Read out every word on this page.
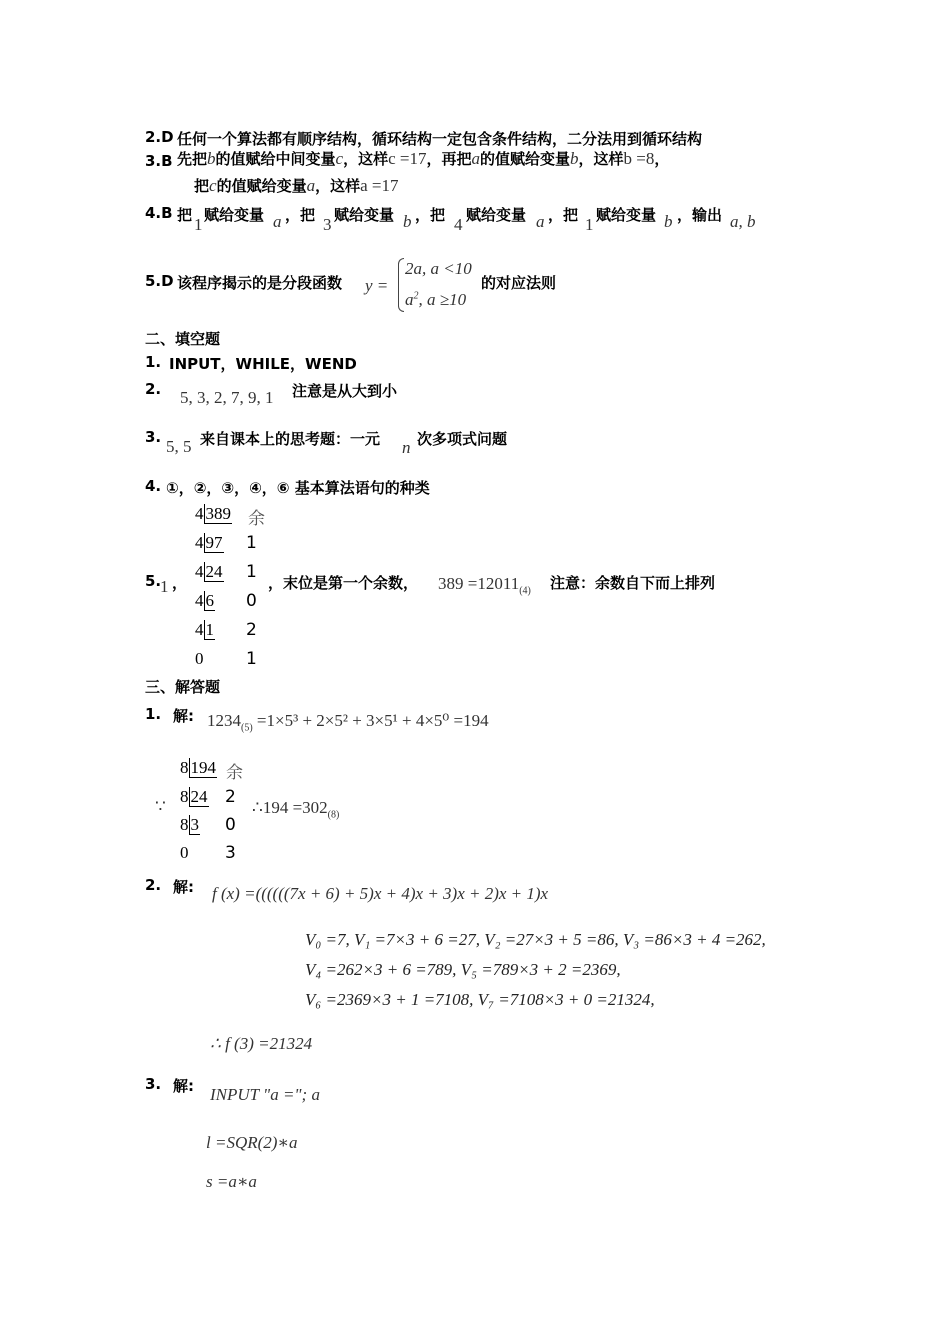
2.D 任何一个算法都有顺序结构，循环结构一定包含条件结构，二分法用到循环结构
3.B 先把b的值赋给中间变量c，这样c =17，再把a的值赋给变量b，这样b =8，
把c的值赋给变量a，这样a =17
4.B 把 1 赋给变量 a ，把 3 赋给变量 b ，把 4 赋给变量 a ，把 1 赋给变量 b ，输出 a, b
5.D 该程序揭示的是分段函数 y =
2a, a <10
$a^2$, a ≥10
的对应法则
二、填空题
1. INPUT，WHILE，WEND
2. 5, 3, 2, 7, 9, 1 注意是从大到小
3. 5, 5 来自课本上的思考题：一元 n 次多项式问题
4. ①，②，③，④，⑥ 基本算法语句的种类
5.
1 ，
4 389 余
4 97 1
4 24 1
4 6 0
4 1 2
0	1
，末位是第一个余数， $389 =12011_{(4)}$ 注意：余数自下而上排列
三、解答题
1. 解: $1234_{(5)} =1\times 5^3 + 2\times 5^2 + 3\times 5^1 + 4\times 5^0 =194$
∵
8 194 余
8 24 2
8 3 0
0 3
∴194 $=302_{(8)}$
2. 解: f (x) =((((((7x + 6) + 5)x + 4)x + 3)x + 2)x + 1)x
V₀ =7, V₁ =7×3 + 6 =27, V₂ =27×3 + 5 =86, V₃ =86×3 + 4 =262,
V₄ =262×3 + 6 =789, V₅ =789×3 + 2 =2369,
V₆ =2369×3 + 1 =7108, V₇ =7108×3 + 0 =21324,
∴ f (3) =21324
3. 解: INPUT "a ="; a
l =SQR(2)∗a
s =a∗a
